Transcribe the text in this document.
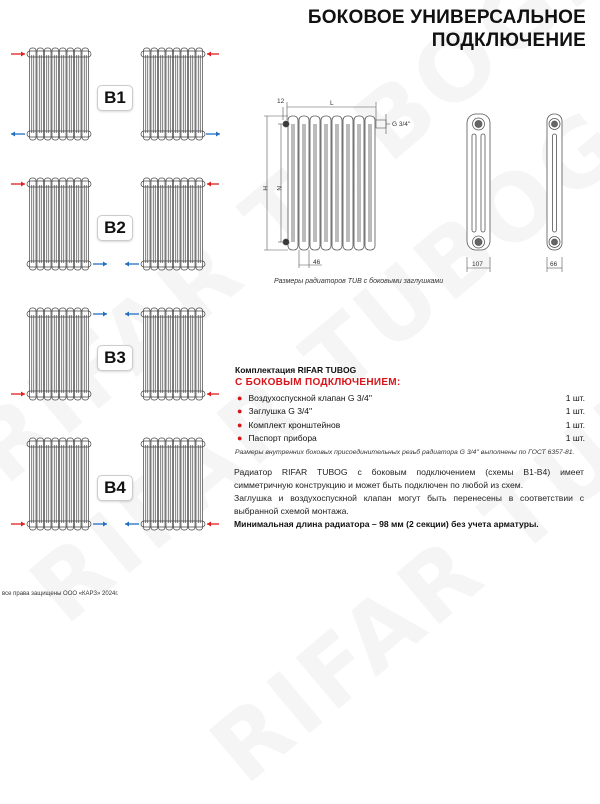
БОКОВОЕ УНИВЕРСАЛЬНОЕ
ПОДКЛЮЧЕНИЕ
B1
B2
B3
B4
12	L
G 3/4''
H N
46	107	66
Размеры радиаторов TUB с боковыми заглушками
Комплектация RIFAR TUBOG
С БОКОВЫМ ПОДКЛЮЧЕНИЕМ:
● Воздухоспускной клапан G 3/4''	1 шт.
● Заглушка G 3/4''	1 шт.
● Комплект кронштейнов	1 шт.
● Паспорт прибора	1 шт.
Размеры внутренних боковых присоединительных резьб радиатора G 3/4'' выполнены по ГОСТ 6357-81.
Радиатор RIFAR TUBOG с боковым подключением (схемы В1-В4) имеет симметричную конструкцию и может быть подключен по любой из схем.
Заглушка и воздухоспускной клапан могут быть перенесены в соответствии с выбранной схемой монтажа.
Минимальная длина радиатора – 98 мм (2 секции) без учета арматуры.
все права защищены ООО «КАРЗ» 2024г.
